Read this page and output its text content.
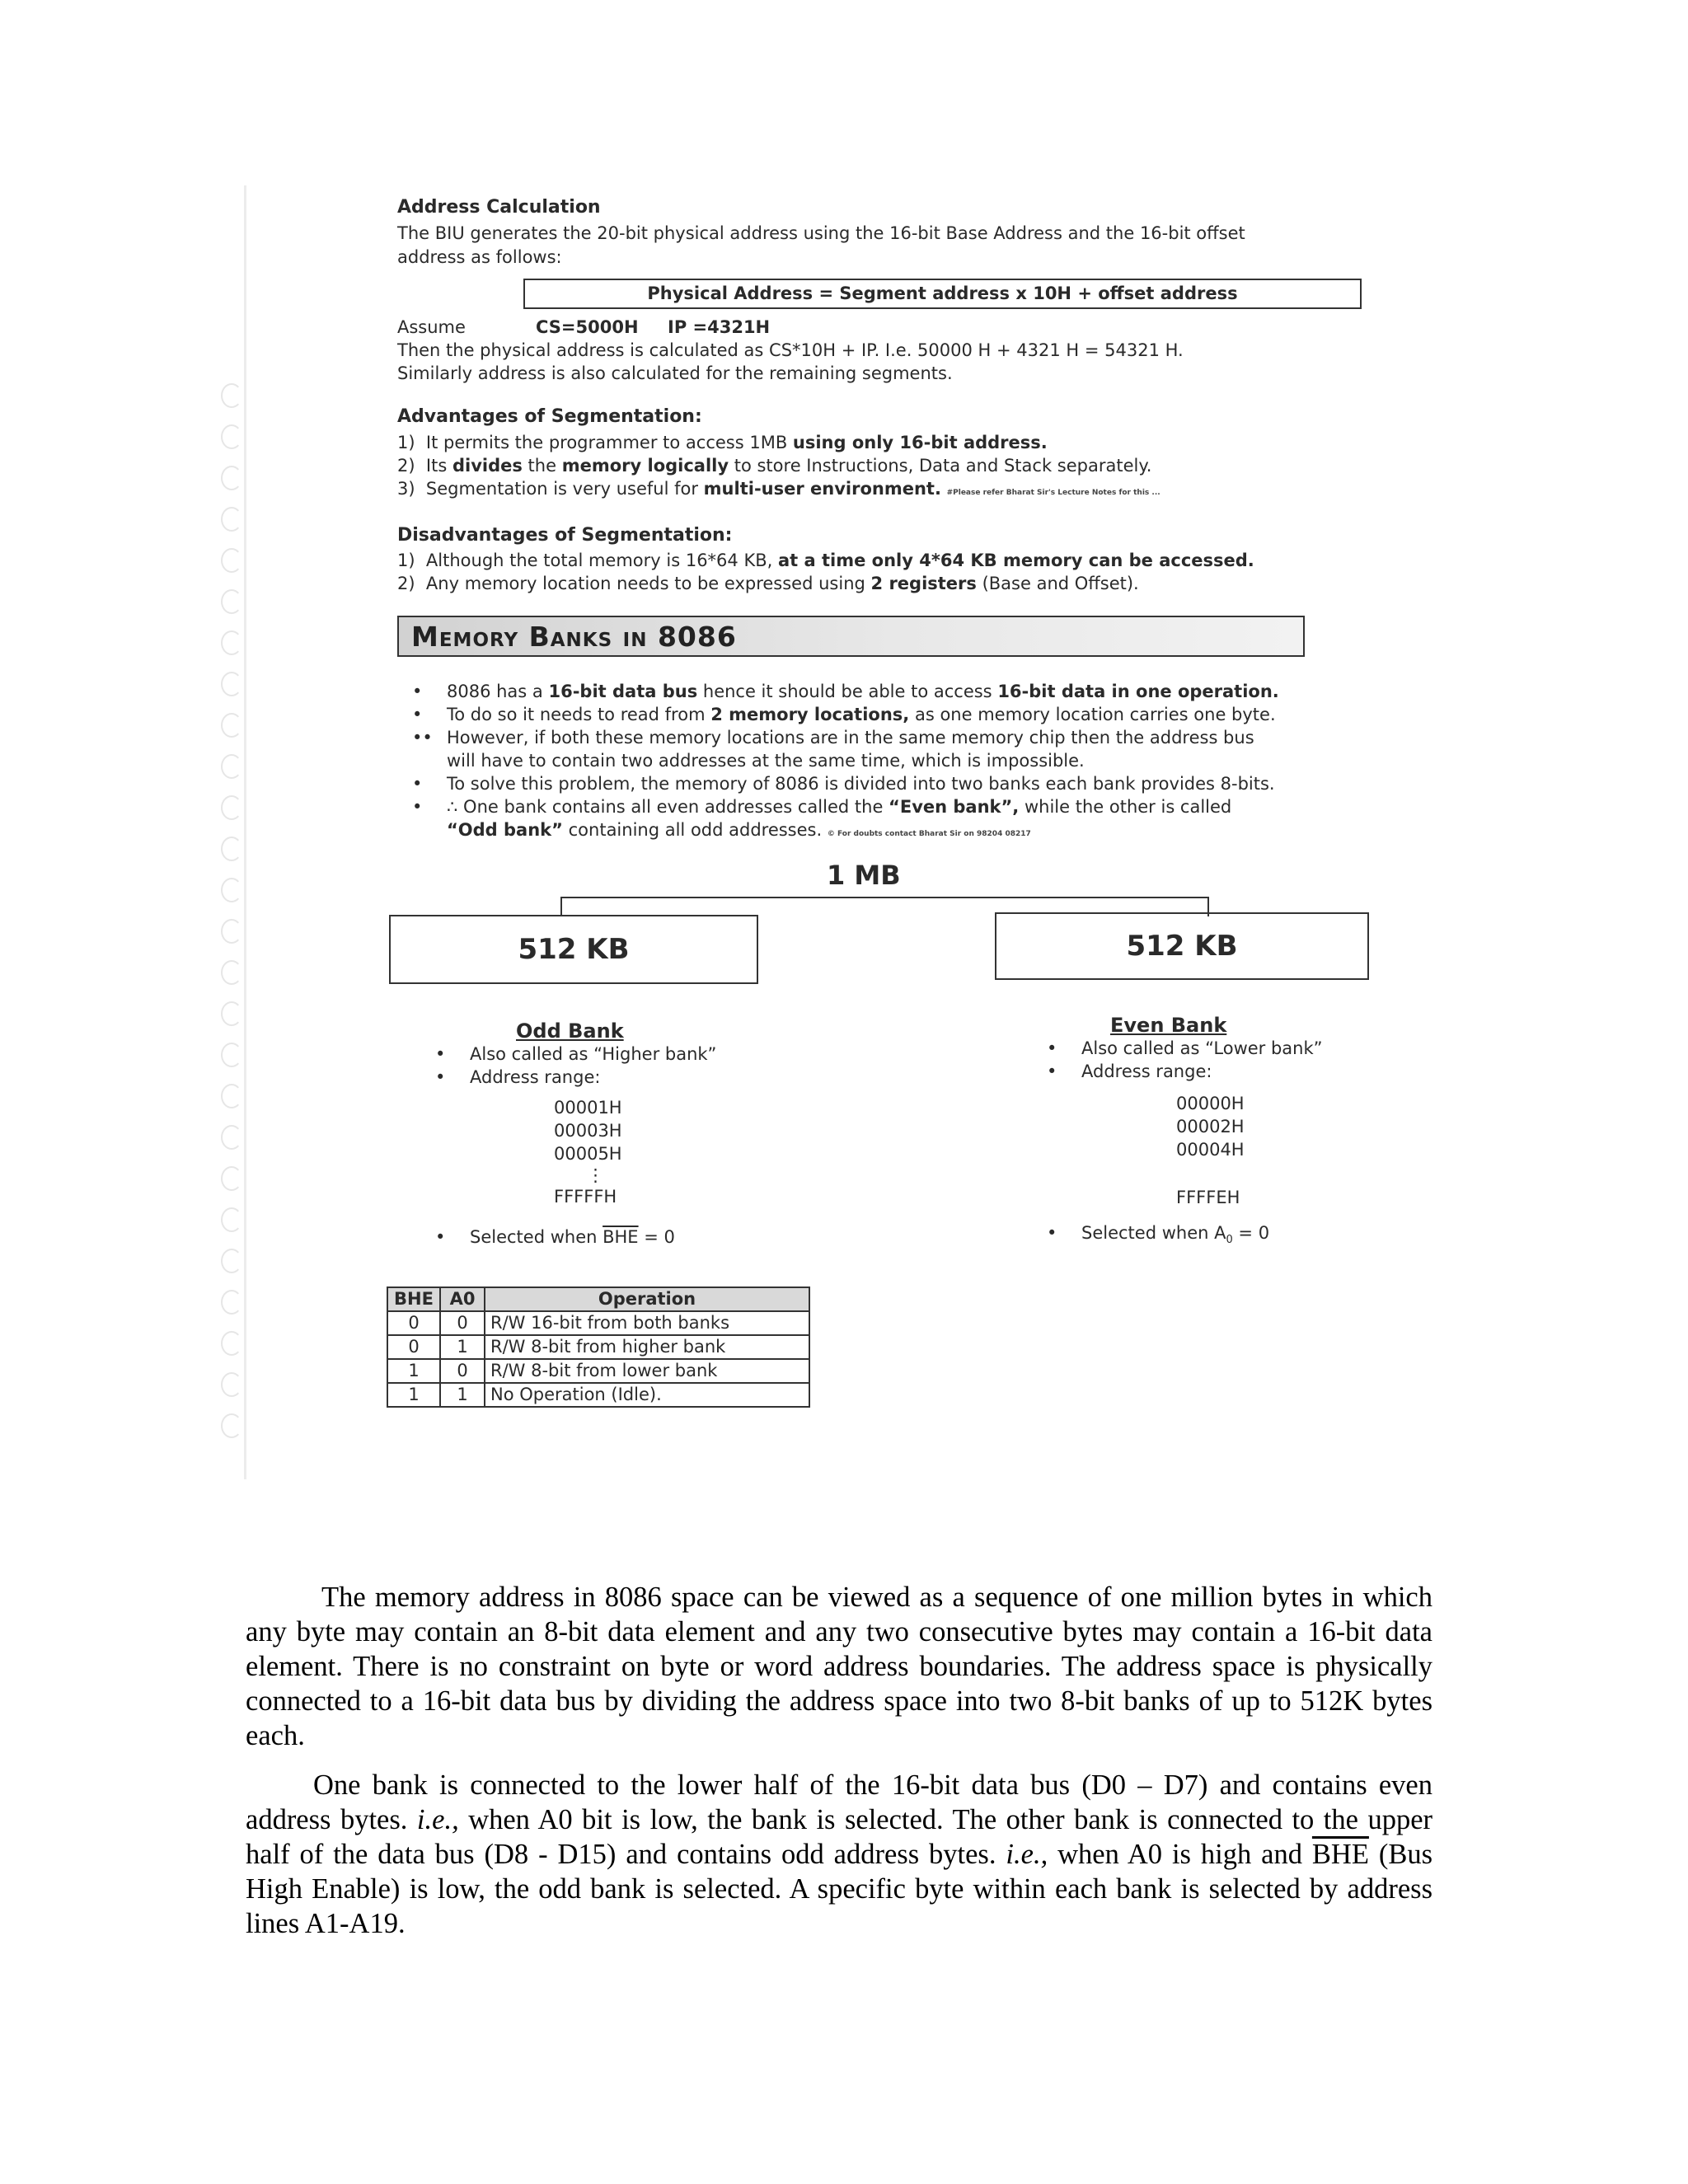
Address Calculation
The BIU generates the 20-bit physical address using the 16-bit Base Address and the 16-bit offset
address as follows:
Physical Address = Segment address x 10H + offset address
Assume	CS=5000H IP =4321H
Then the physical address is calculated as CS*10H + IP. I.e. 50000 H + 4321 H = 54321 H.
Similarly address is also calculated for the remaining segments.
Advantages of Segmentation:
1) It permits the programmer to access 1MB using only 16-bit address.
2) Its divides the memory logically to store Instructions, Data and Stack separately.
3) Segmentation is very useful for multi-user environment. #Please refer Bharat Sir's Lecture Notes for this ...
Disadvantages of Segmentation:
1) Although the total memory is 16*64 KB, at a time only 4*64 KB memory can be accessed.
2) Any memory location needs to be expressed using 2 registers (Base and Offset).
Memory Banks in 8086
• 8086 has a 16-bit data bus hence it should be able to access 16-bit data in one operation.
• To do so it needs to read from 2 memory locations, as one memory location carries one byte.
•• However, if both these memory locations are in the same memory chip then the address bus
will have to contain two addresses at the same time, which is impossible.
• To solve this problem, the memory of 8086 is divided into two banks each bank provides 8-bits.
• ∴ One bank contains all even addresses called the “Even bank”, while the other is called
“Odd bank” containing all odd addresses. © For doubts contact Bharat Sir on 98204 08217
1 MB
512 KB	512 KB
Odd Bank
• Also called as “Higher bank”
• Address range:
00001H
00003H
00005H
⋮
FFFFFH
• Selected when $\overline{BHE} = 0$
Even Bank
• Also called as “Lower bank”
• Address range:
00000H
00002H
00004H
FFFFEH
• Selected when $A_0 = 0$
BHE	A0	Operation
0	0	R/W 16-bit from both banks
0	1	R/W 8-bit from higher bank
1	0	R/W 8-bit from lower bank
1	1	No Operation (Idle).
The memory address in 8086 space can be viewed as a sequence of one million bytes in which any byte may contain an 8-bit data element and any two consecutive bytes may contain a 16-bit data element. There is no constraint on byte or word address boundaries. The address space is physically connected to a 16-bit data bus by dividing the address space into two 8-bit banks of up to 512K bytes each.
One bank is connected to the lower half of the 16-bit data bus (D0 – D7) and contains even address bytes. i.e., when A0 bit is low, the bank is selected. The other bank is connected to the upper half of the data bus (D8 - D15) and contains odd address bytes. i.e., when A0 is high and $\overline{BHE}$ (Bus High Enable) is low, the odd bank is selected. A specific byte within each bank is selected by address lines A1-A19.
